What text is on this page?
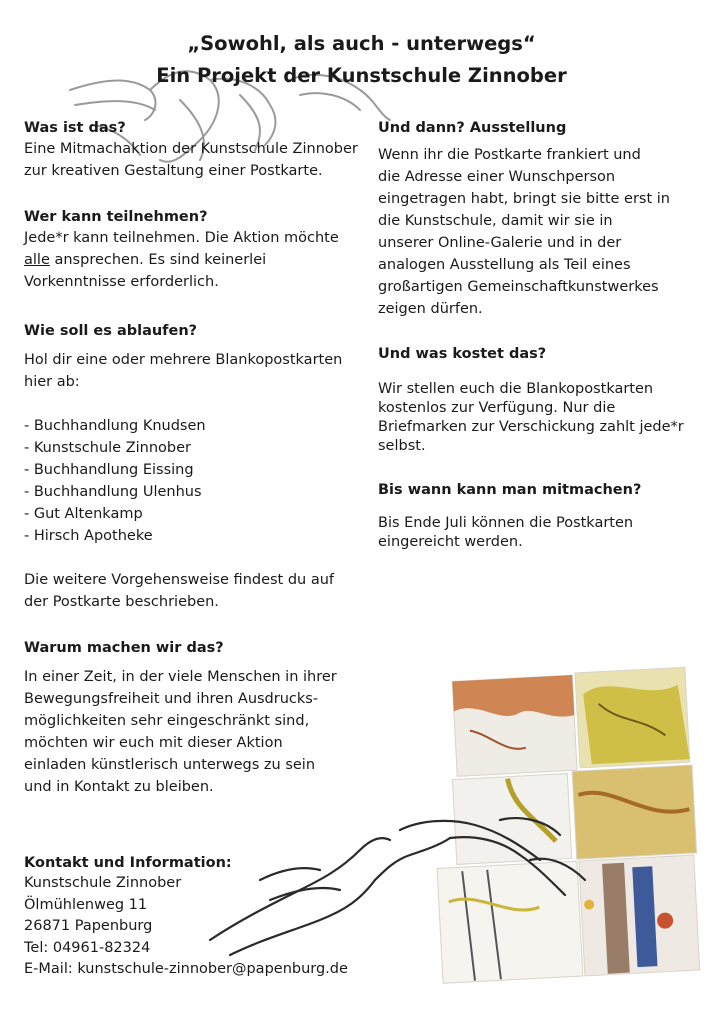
„Sowohl, als auch - unterwegs“
Ein Projekt der Kunstschule Zinnober

Was ist das?

Eine Mitmachaktion der Kunstschule Zinnober
zur kreativen Gestaltung einer Postkarte.

Wer kann teilnehmen?

Jede*r kann teilnehmen. Die Aktion möchte
alle ansprechen. Es sind keinerlei
Vorkenntnisse erforderlich.

Wie soll es ablaufen?

Hol dir eine oder mehrere Blankopostkarten
hier ab:

- Buchhandlung Knudsen
- Kunstschule Zinnober
- Buchhandlung Eissing
- Buchhandlung Ulenhus
- Gut Altenkamp
- Hirsch Apotheke

Die weitere Vorgehensweise findest du auf
der Postkarte beschrieben.

Warum machen wir das?

In einer Zeit, in der viele Menschen in ihrer
Bewegungsfreiheit und ihren Ausdrucks-
möglichkeiten sehr eingeschränkt sind,
möchten wir euch mit dieser Aktion
einladen künstlerisch unterwegs zu sein
und in Kontakt zu bleiben.

Kontakt und Information:

Kunstschule Zinnober
Ölmühlenweg 11
26871 Papenburg
Tel: 04961-82324
E-Mail: kunstschule-zinnober@papenburg.de

Und dann? Ausstellung

Wenn ihr die Postkarte frankiert und
die Adresse einer Wunschperson
eingetragen habt, bringt sie bitte erst in
die Kunstschule, damit wir sie in
unserer Online-Galerie und in der
analogen Ausstellung als Teil eines
großartigen Gemeinschaftkunstwerkes
zeigen dürfen.

Und was kostet das?

Wir stellen euch die Blankopostkarten
kostenlos zur Verfügung. Nur die
Briefmarken zur Verschickung zahlt jede*r
selbst.

Bis wann kann man mitmachen?

Bis Ende Juli können die Postkarten
eingereicht werden.
